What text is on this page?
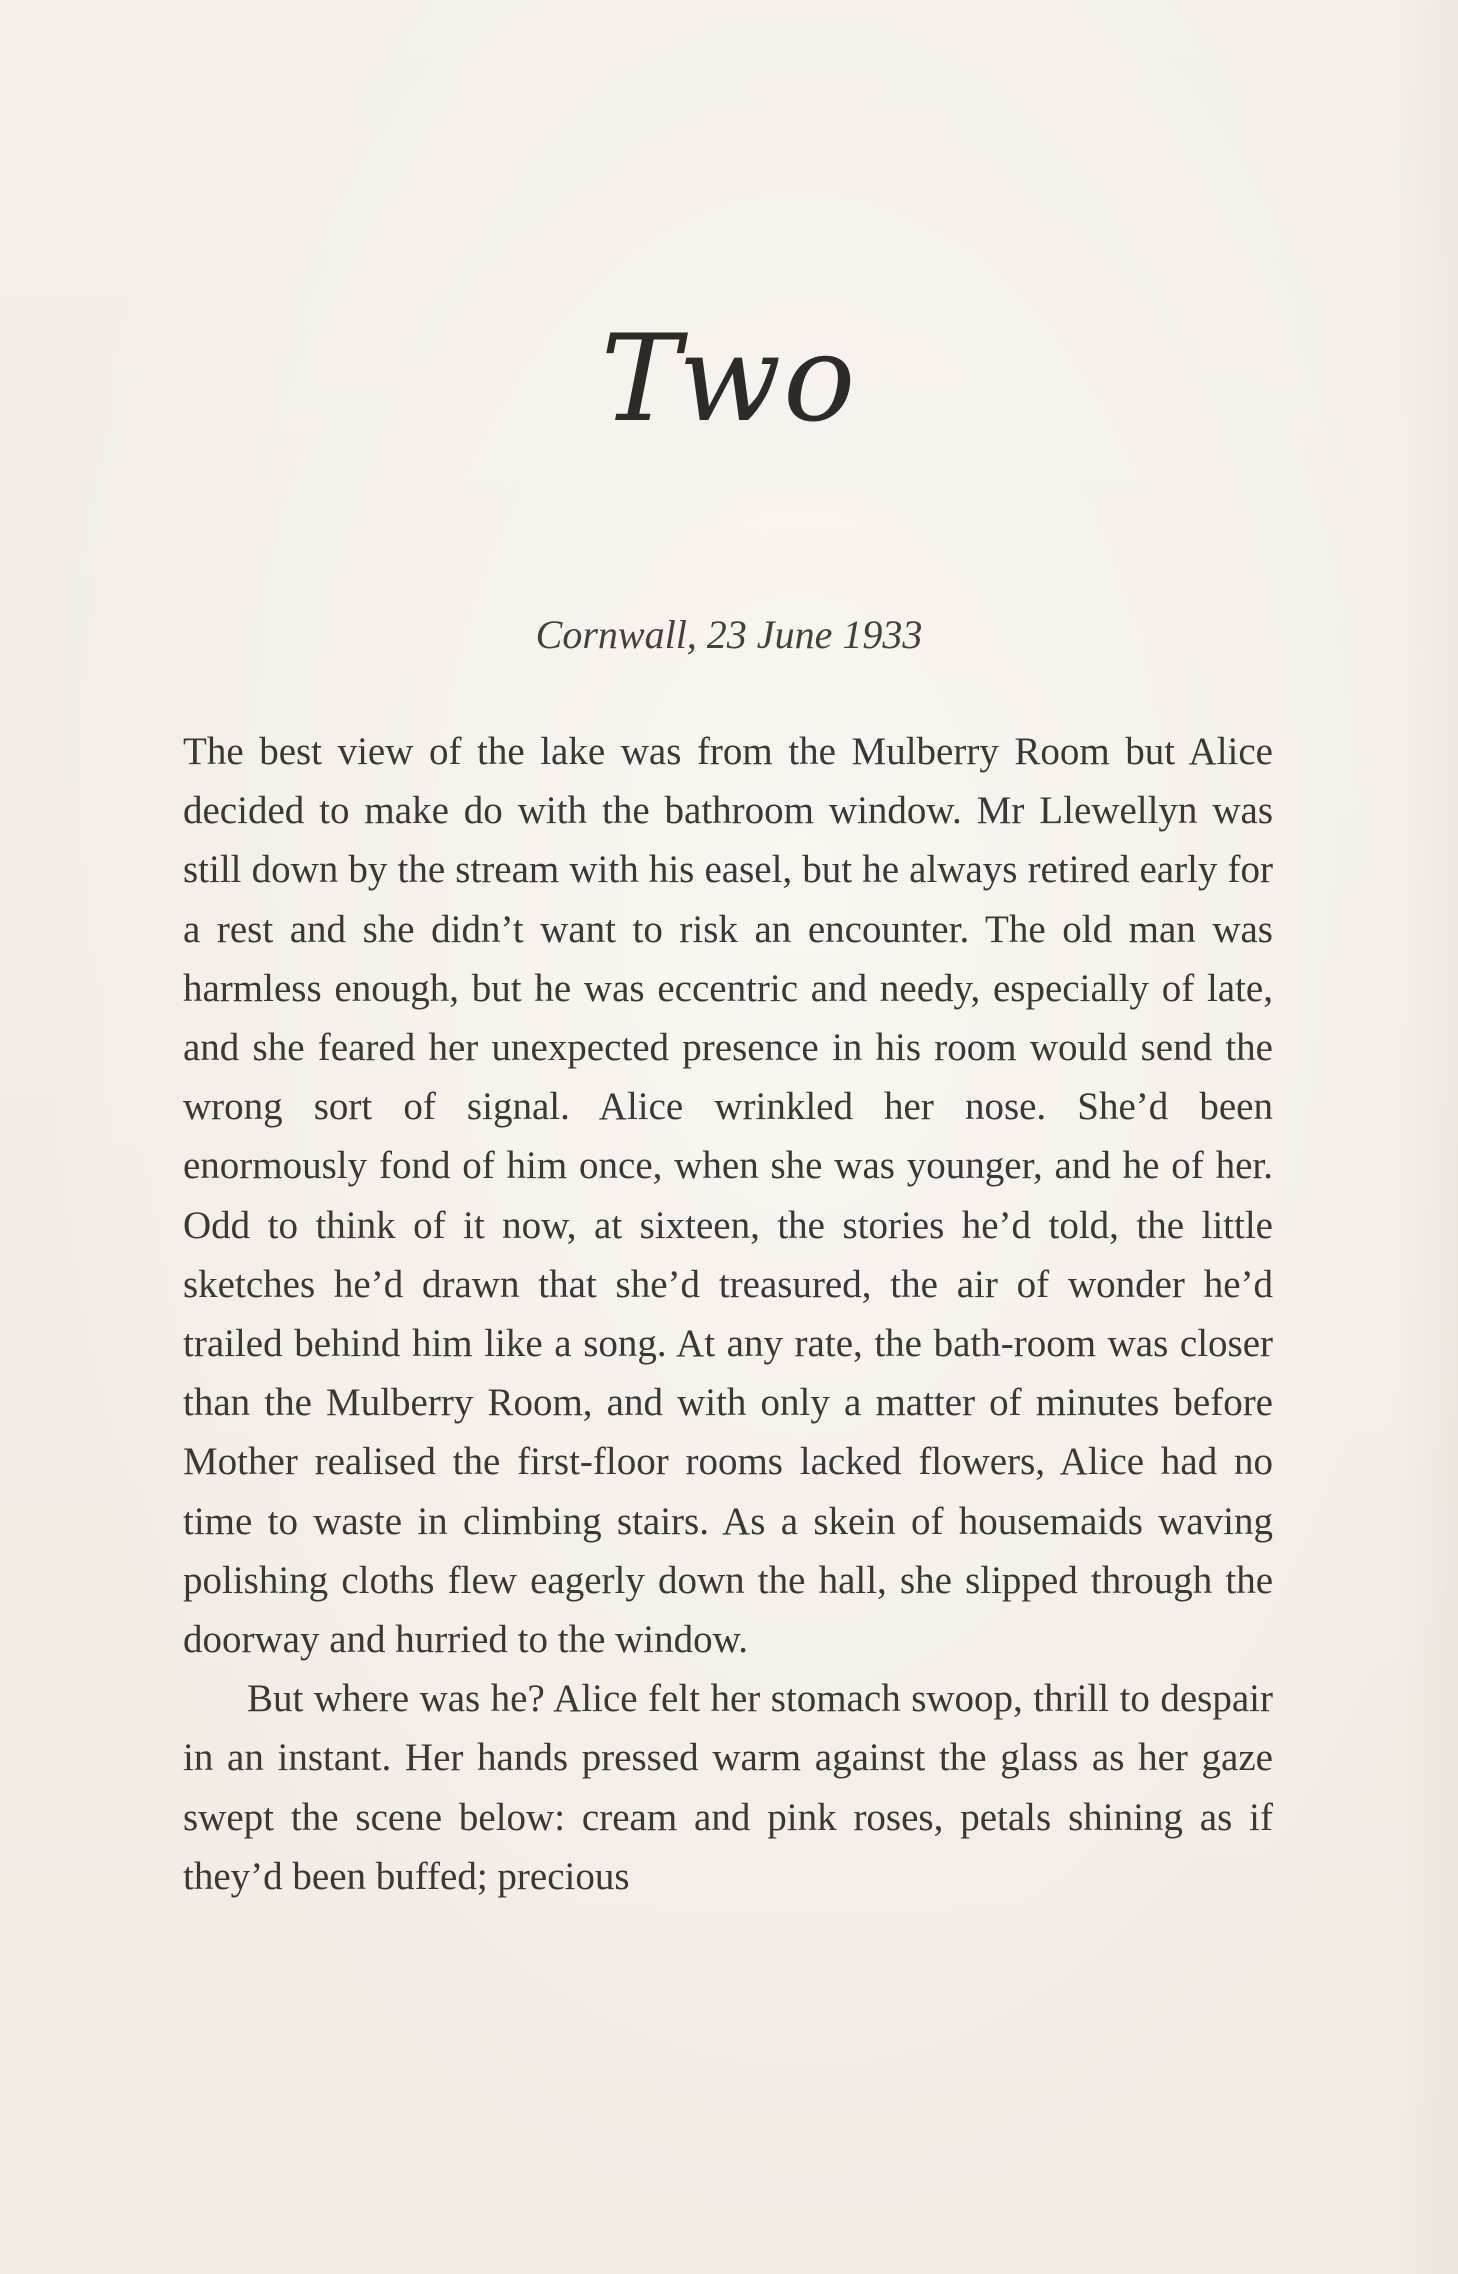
Two
Cornwall, 23 June 1933

The best view of the lake was from the Mulberry Room but Alice decided to make do with the bathroom window. Mr Llewellyn was still down by the stream with his easel, but he always retired early for a rest and she didn’t want to risk an encounter. The old man was harmless enough, but he was eccentric and needy, especially of late, and she feared her unexpected presence in his room would send the wrong sort of signal. Alice wrinkled her nose. She’d been enormously fond of him once, when she was younger, and he of her. Odd to think of it now, at sixteen, the stories he’d told, the little sketches he’d drawn that she’d treasured, the air of wonder he’d trailed behind him like a song. At any rate, the bath-room was closer than the Mulberry Room, and with only a matter of minutes before Mother realised the first-floor rooms lacked flowers, Alice had no time to waste in climbing stairs. As a skein of housemaids waving polishing cloths flew eagerly down the hall, she slipped through the doorway and hurried to the window.

But where was he? Alice felt her stomach swoop, thrill to despair in an instant. Her hands pressed warm against the glass as her gaze swept the scene below: cream and pink roses, petals shining as if they’d been buffed; precious
